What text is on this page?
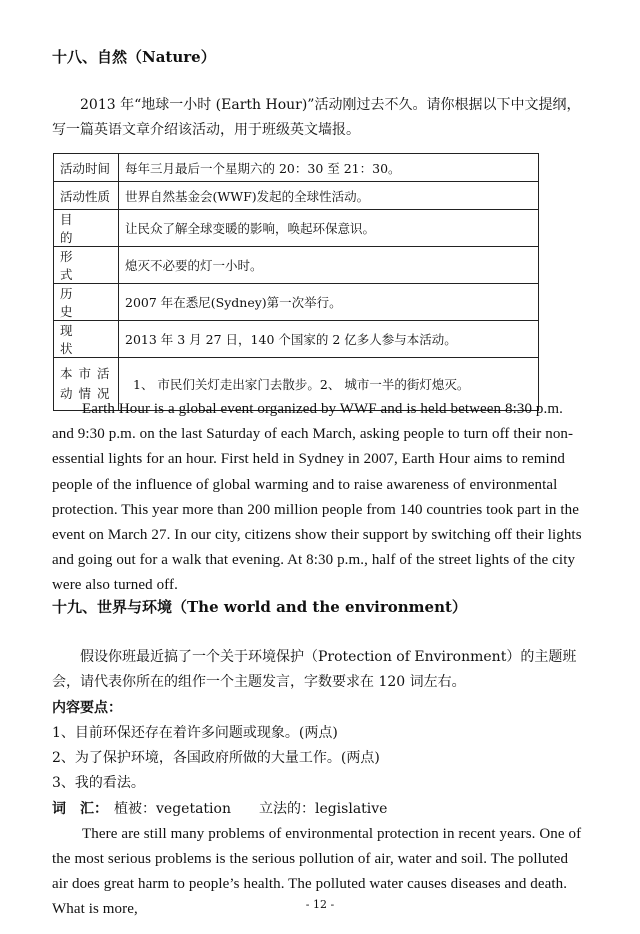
十八、自然（Nature）

2013 年“地球一小时 (Earth Hour)”活动刚过去不久。请你根据以下中文提纲，写一篇英语文章介绍该活动，用于班级英文墙报。

活动时间	每年三月最后一个星期六的 20：30 至 21：30。
活动性质	世界自然基金会(WWF)发起的全球性活动。
目的	让民众了解全球变暖的影响，唤起环保意识。
形式	熄灭不必要的灯一小时。
历史	2007 年在悉尼(Sydney)第一次举行。
现状	2013 年 3 月 27 日，140 个国家的 2 亿多人参与本活动。

本市活动情况	1、 市民们关灯走出家门去散步。2、 城市一半的街灯熄灭。

Earth Hour is a global event organized by WWF and is held between 8:30 p.m. and 9:30 p.m. on the last Saturday of each March, asking people to turn off their non-essential lights for an hour. First held in Sydney in 2007, Earth Hour aims to remind people of the influence of global warming and to raise awareness of environmental protection. This year more than 200 million people from 140 countries took part in the event on March 27. In our city, citizens show their support by switching off their lights and going out for a walk that evening. At 8:30 p.m., half of the street lights of the city were also turned off.

十九、世界与环境（The world and the environment）

假设你班最近搞了一个关于环境保护（Protection of Environment）的主题班会，请代表你所在的组作一个主题发言，字数要求在 120 词左右。

内容要点：
1、目前环保还存在着许多问题或现象。(两点)
2、为了保护环境，各国政府所做的大量工作。(两点)
3、我的看法。
词　汇： 植被：vegetation　　立法的：legislative

There are still many problems of environmental protection in recent years. One of the most serious problems is the serious pollution of air, water and soil. The polluted air does great harm to people’s health. The polluted water causes diseases and death. What is more,	- 12 -
